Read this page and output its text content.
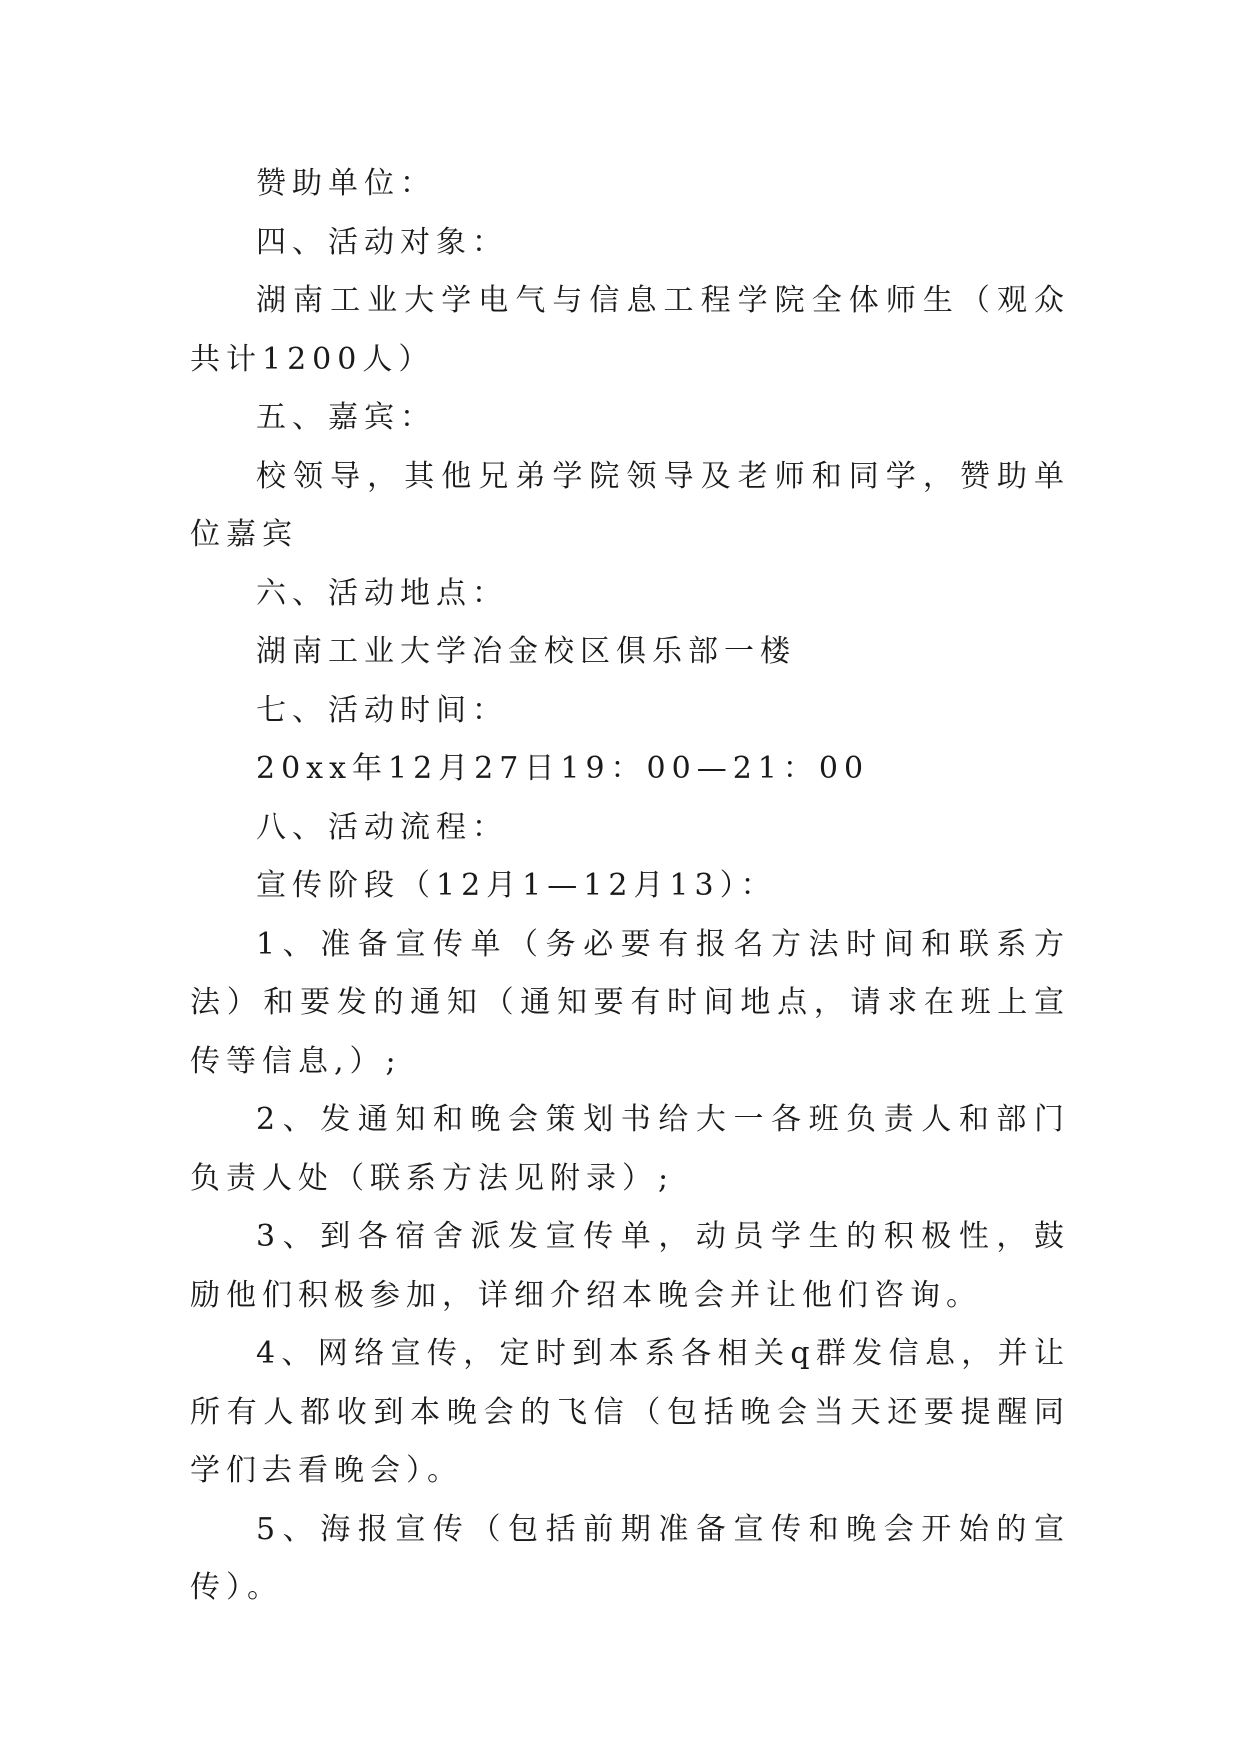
赞助单位：

四、活动对象：

湖南工业大学电气与信息工程学院全体师生（观众共计1200人）

五、嘉宾：

校领导，其他兄弟学院领导及老师和同学，赞助单位嘉宾

六、活动地点：

湖南工业大学冶金校区俱乐部一楼

七、活动时间：

20xx年12月27日19：00—21：00

八、活动流程：

宣传阶段（12月1—12月13）：

1、准备宣传单（务必要有报名方法时间和联系方法）和要发的通知（通知要有时间地点，请求在班上宣传等信息,）;

2、发通知和晚会策划书给大一各班负责人和部门负责人处（联系方法见附录）;

3、到各宿舍派发宣传单，动员学生的积极性，鼓励他们积极参加，详细介绍本晚会并让他们咨询。

4、网络宣传，定时到本系各相关q群发信息，并让所有人都收到本晚会的飞信（包括晚会当天还要提醒同学们去看晚会）。

5、海报宣传（包括前期准备宣传和晚会开始的宣传）。
